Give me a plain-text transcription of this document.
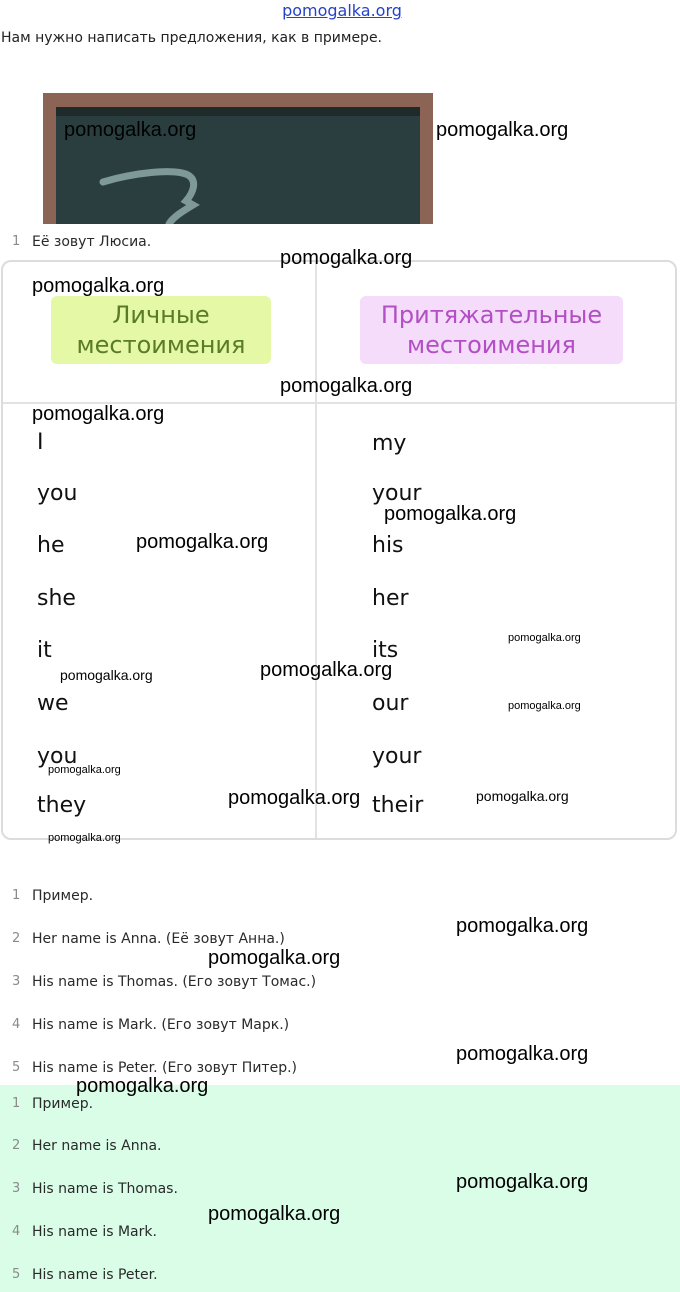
pomogalka.org
Нам нужно написать предложения, как в примере.
1 Её зовут Люсиа.
Личные местоимения
Притяжательные местоимения
I
you
he
she
it
we
you
they
my
your
his
her
its
our
your
their
1 Пример.
2 Her name is Anna. (Её зовут Анна.)
3 His name is Thomas. (Его зовут Томас.)
4 His name is Mark. (Его зовут Марк.)
5 His name is Peter. (Его зовут Питер.)
1 Пример.
2 Her name is Anna.
3 His name is Thomas.
4 His name is Mark.
5 His name is Peter.
pomogalka.org	pomogalka.org
pomogalka.org
pomogalka.org
pomogalka.org
pomogalka.org
pomogalka.org
pomogalka.org
pomogalka.org
pomogalka.org
pomogalka.org
pomogalka.org
pomogalka.org
pomogalka.org	pomogalka.org
pomogalka.org
pomogalka.org
pomogalka.org
pomogalka.org
pomogalka.org
pomogalka.org
pomogalka.org
